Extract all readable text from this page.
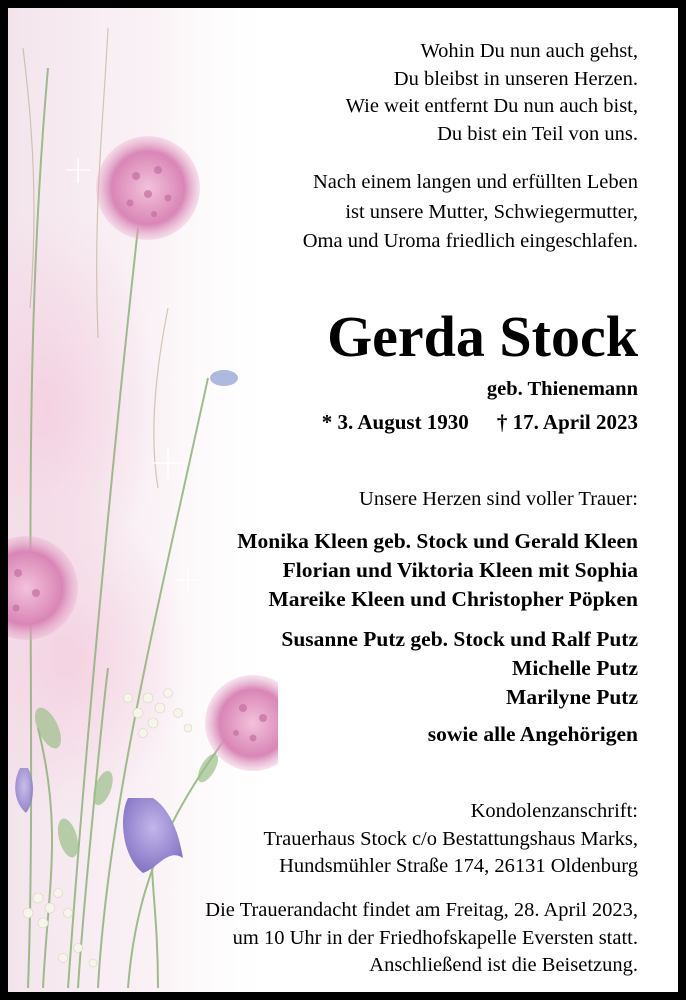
Wohin Du nun auch gehst,
Du bleibst in unseren Herzen.
Wie weit entfernt Du nun auch bist,
Du bist ein Teil von uns.
Nach einem langen und erfüllten Leben
ist unsere Mutter, Schwiegermutter,
Oma und Uroma friedlich eingeschlafen.
Gerda Stock
geb. Thienemann
* 3. August 1930 † 17. April 2023
Unsere Herzen sind voller Trauer:
Monika Kleen geb. Stock und Gerald Kleen
Florian und Viktoria Kleen mit Sophia
Mareike Kleen und Christopher Pöpken
Susanne Putz geb. Stock und Ralf Putz
Michelle Putz
Marilyne Putz
sowie alle Angehörigen
Kondolenzanschrift:
Trauerhaus Stock c/o Bestattungshaus Marks,
Hundsmühler Straße 174, 26131 Oldenburg
Die Trauerandacht findet am Freitag, 28. April 2023,
um 10 Uhr in der Friedhofskapelle Eversten statt.
Anschließend ist die Beisetzung.
